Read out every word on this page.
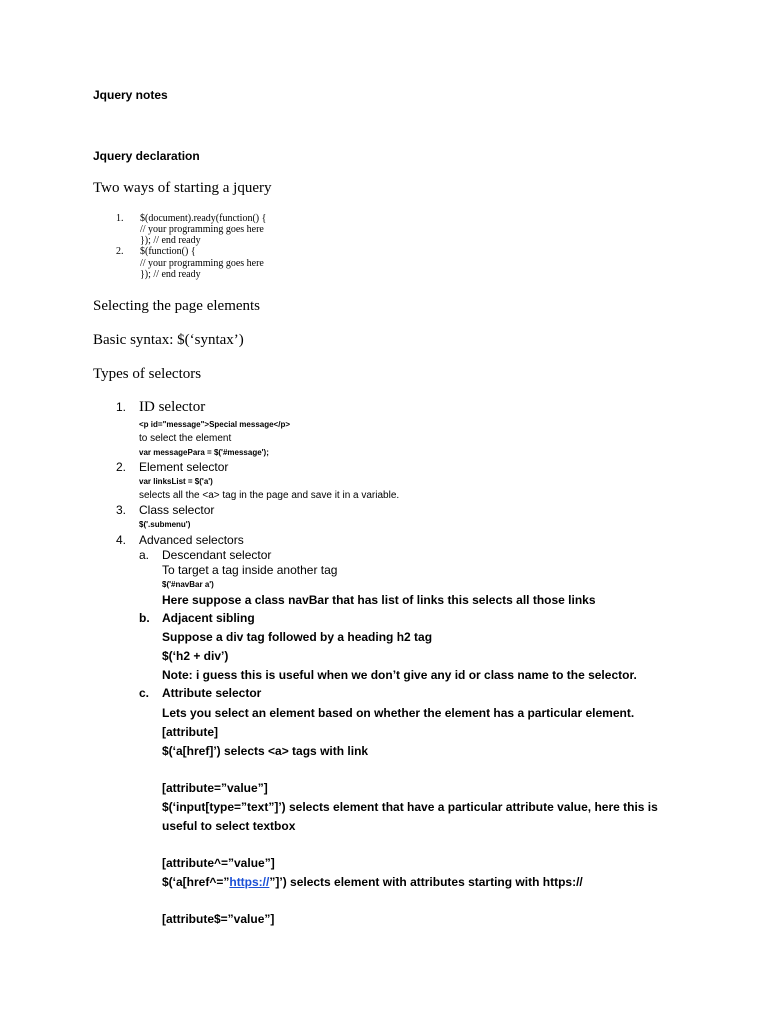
Jquery notes
Jquery declaration
Two ways of starting a jquery
1. $(document).ready(function() {
// your programming goes here
}); // end ready
2. $(function() {
// your programming goes here
}); // end ready
Selecting the page elements
Basic syntax: $(‘syntax’)
Types of selectors
1. ID selector
<p id="message">Special message</p>
to select the element
var messagePara = $('#message');
2. Element selector
var linksList = $('a')
selects all the <a> tag in the page and save it in a variable.
3. Class selector
$('.submenu')
4. Advanced selectors
a. Descendant selector
To target a tag inside another tag
$('#navBar a')
Here suppose a class navBar that has list of links this selects all those links
b. Adjacent sibling
Suppose a div tag followed by a heading h2 tag
$(‘h2 + div’)
Note: i guess this is useful when we don’t give any id or class name to the selector.
c. Attribute selector
Lets you select an element based on whether the element has a particular element.
[attribute]
$(‘a[href]’) selects <a> tags with link
[attribute=”value”]
$(‘input[type=”text”]’) selects element that have a particular attribute value, here this is
useful to select textbox
[attribute^=”value”]
$(‘a[href^=”https://”]’) selects element with attributes starting with https://
[attribute$=”value”]
